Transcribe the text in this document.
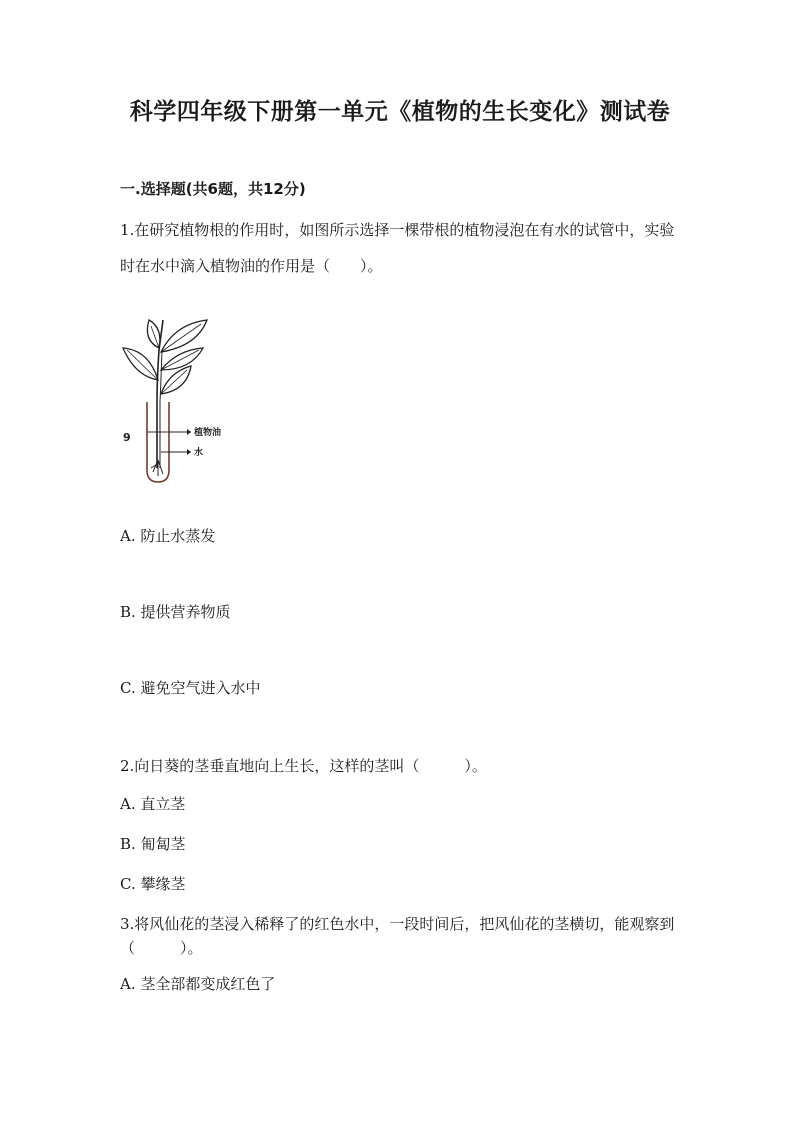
科学四年级下册第一单元《植物的生长变化》测试卷
一.选择题(共6题，共12分)
1.在研究植物根的作用时，如图所示选择一棵带根的植物浸泡在有水的试管中，实验时在水中滴入植物油的作用是（　　）。
9	植物油
水
A. 防止水蒸发
B. 提供营养物质
C. 避免空气进入水中
2.向日葵的茎垂直地向上生长，这样的茎叫（　　　）。
A. 直立茎
B. 匍匐茎
C. 攀缘茎
3.将风仙花的茎浸入稀释了的红色水中，一段时间后，把风仙花的茎横切，能观察到（　　　）。
A. 茎全部都变成红色了
